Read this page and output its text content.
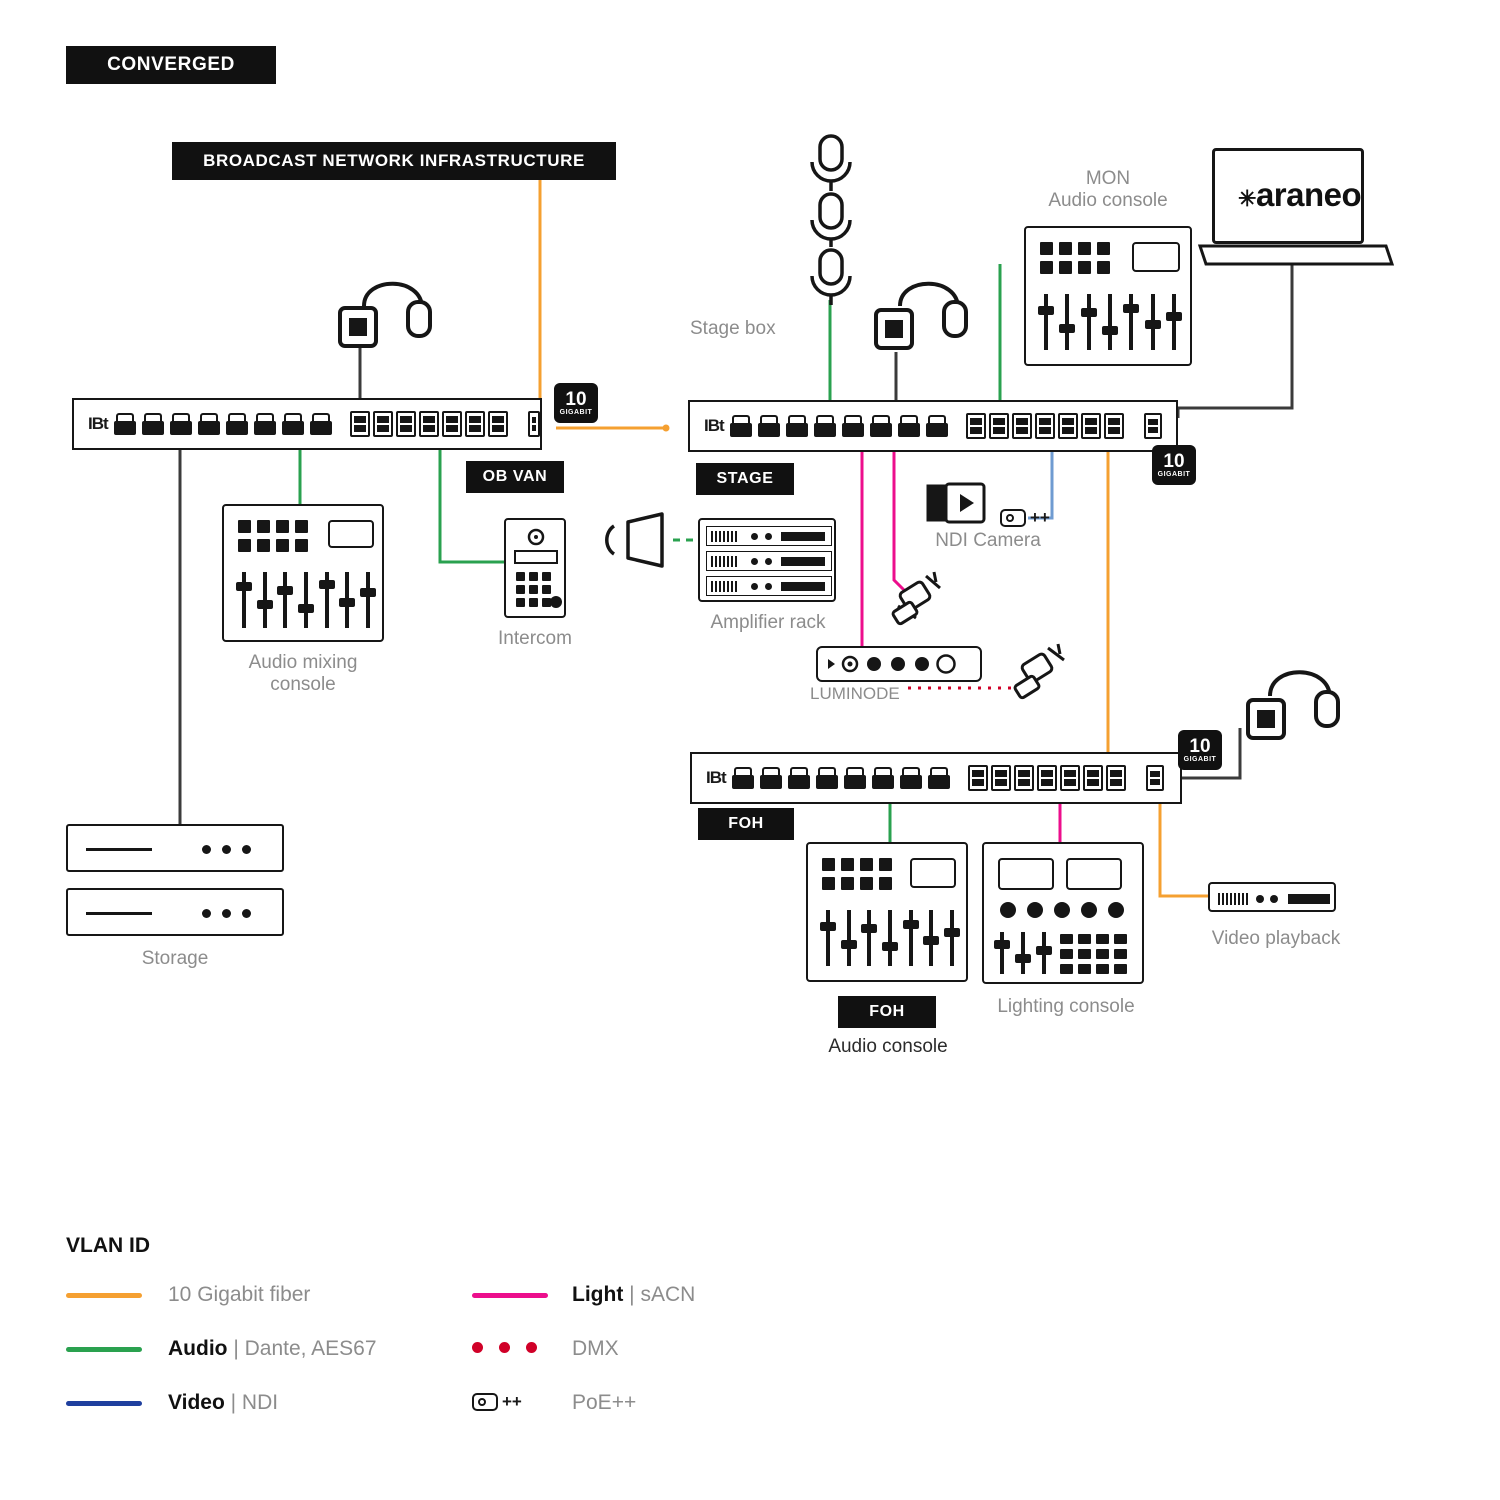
CONVERGED
BROADCAST NETWORK INFRASTRUCTURE
IBt
10
GIGABIT
OB VAN
Audio mixing
console
Intercom
Storage
IBt
10
GIGABIT
STAGE
Stage box
MON
Audio console	✳araneo
Amplifier rack
++
NDI Camera
LUMINODE
IBt
10
GIGABIT
FOH
FOH
Audio console
Lighting console
Video playback
VLAN ID
10 Gigabit fiber
Audio | Dante, AES67
Video | NDI
Light | sACN
DMX
++ PoE++
